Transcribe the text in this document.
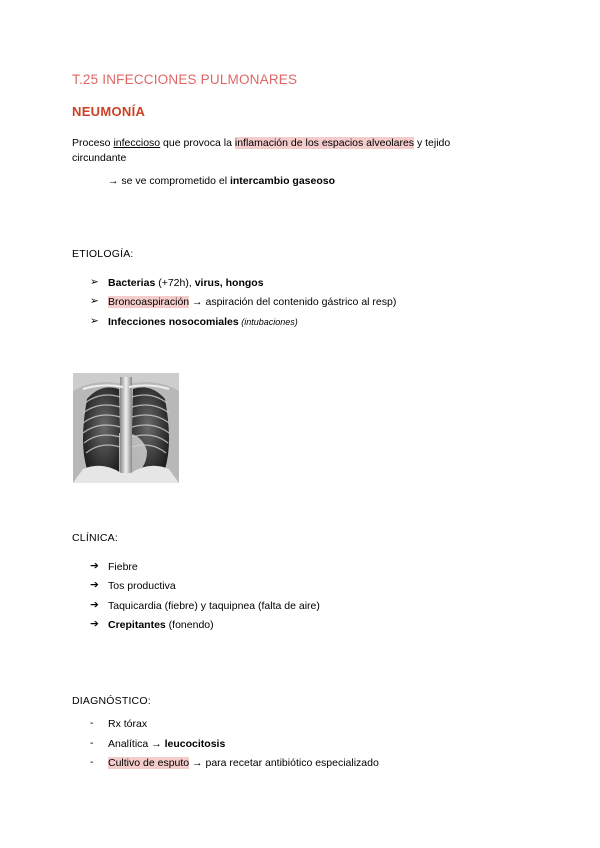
T.25 INFECCIONES PULMONARES
NEUMONÍA
Proceso infeccioso que provoca la inflamación de los espacios alveolares y tejido
circundante
→ se ve comprometido el intercambio gaseoso
ETIOLOGÍA:
➢ Bacterias (+72h), virus, hongos
➢ Broncoaspiración → aspiración del contenido gástrico al resp)
➢ Infecciones nosocomiales (intubaciones)
CLÍNICA:
➔ Fiebre
➔ Tos productiva
➔ Taquicardia (fiebre) y taquipnea (falta de aire)
➔ Crepitantes (fonendo)
DIAGNÓSTICO:
- Rx tórax
- Analítica → leucocitosis
- Cultivo de esputo → para recetar antibiótico especializado
